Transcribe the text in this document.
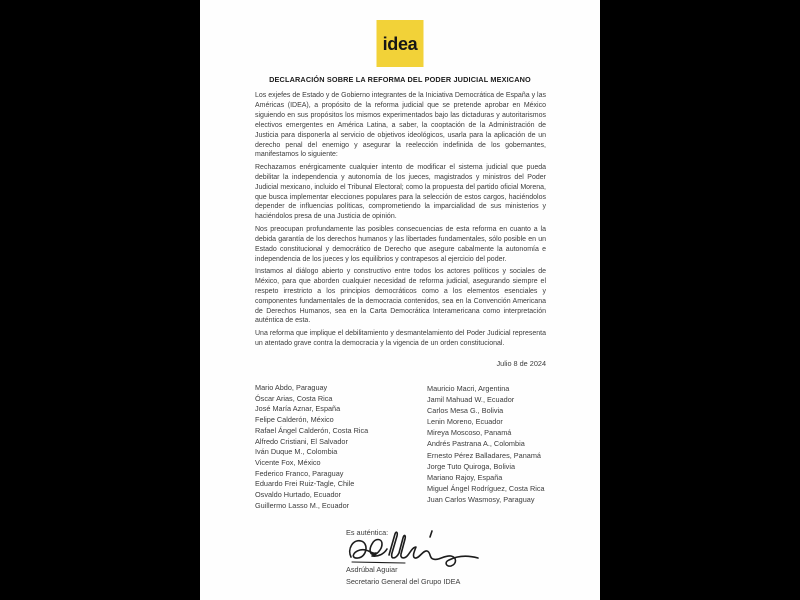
idea
DECLARACIÓN SOBRE LA REFORMA DEL PODER JUDICIAL MEXICANO

Los exjefes de Estado y de Gobierno integrantes de la Iniciativa Democrática de España y las Américas (IDEA), a propósito de la reforma judicial que se pretende aprobar en México siguiendo en sus propósitos los mismos experimentados bajo las dictaduras y autoritarismos electivos emergentes en América Latina, a saber, la cooptación de la Administración de Justicia para disponerla al servicio de objetivos ideológicos, usarla para la aplicación de un derecho penal del enemigo y asegurar la reelección indefinida de los gobernantes, manifestamos lo siguiente:

Rechazamos enérgicamente cualquier intento de modificar el sistema judicial que pueda debilitar la independencia y autonomía de los jueces, magistrados y ministros del Poder Judicial mexicano, incluido el Tribunal Electoral; como la propuesta del partido oficial Morena, que busca implementar elecciones populares para la selección de estos cargos, haciéndolos depender de influencias políticas, comprometiendo la imparcialidad de sus ministerios y haciéndolos presa de una Justicia de opinión.

Nos preocupan profundamente las posibles consecuencias de esta reforma en cuanto a la debida garantía de los derechos humanos y las libertades fundamentales, sólo posible en un Estado constitucional y democrático de Derecho que asegure cabalmente la autonomía e independencia de los jueces y los equilibrios y contrapesos al ejercicio del poder.

Instamos al diálogo abierto y constructivo entre todos los actores políticos y sociales de México, para que aborden cualquier necesidad de reforma judicial, asegurando siempre el respeto irrestricto a los principios democráticos como a los elementos esenciales y componentes fundamentales de la democracia contenidos, sea en la Convención Americana de Derechos Humanos, sea en la Carta Democrática Interamericana como interpretación auténtica de esta.

Una reforma que implique el debilitamiento y desmantelamiento del Poder Judicial representa un atentado grave contra la democracia y la vigencia de un orden constitucional.

Julio 8 de 2024
Mario Abdo, Paraguay
Óscar Arias, Costa Rica
José María Aznar, España
Felipe Calderón, México
Rafael Ángel Calderón, Costa Rica
Alfredo Cristiani, El Salvador
Iván Duque M., Colombia
Vicente Fox, México
Federico Franco, Paraguay
Eduardo Frei Ruiz-Tagle, Chile
Osvaldo Hurtado, Ecuador
Guillermo Lasso M., Ecuador
Mauricio Macri, Argentina
Jamil Mahuad W., Ecuador
Carlos Mesa G., Bolivia
Lenin Moreno, Ecuador
Mireya Moscoso, Panamá
Andrés Pastrana A., Colombia
Ernesto Pérez Balladares, Panamá
Jorge Tuto Quiroga, Bolivia
Mariano Rajoy, España
Miguel Ángel Rodríguez, Costa Rica
Juan Carlos Wasmosy, Paraguay
Es auténtica:
Asdrúbal Aguiar
Secretario General del Grupo IDEA
